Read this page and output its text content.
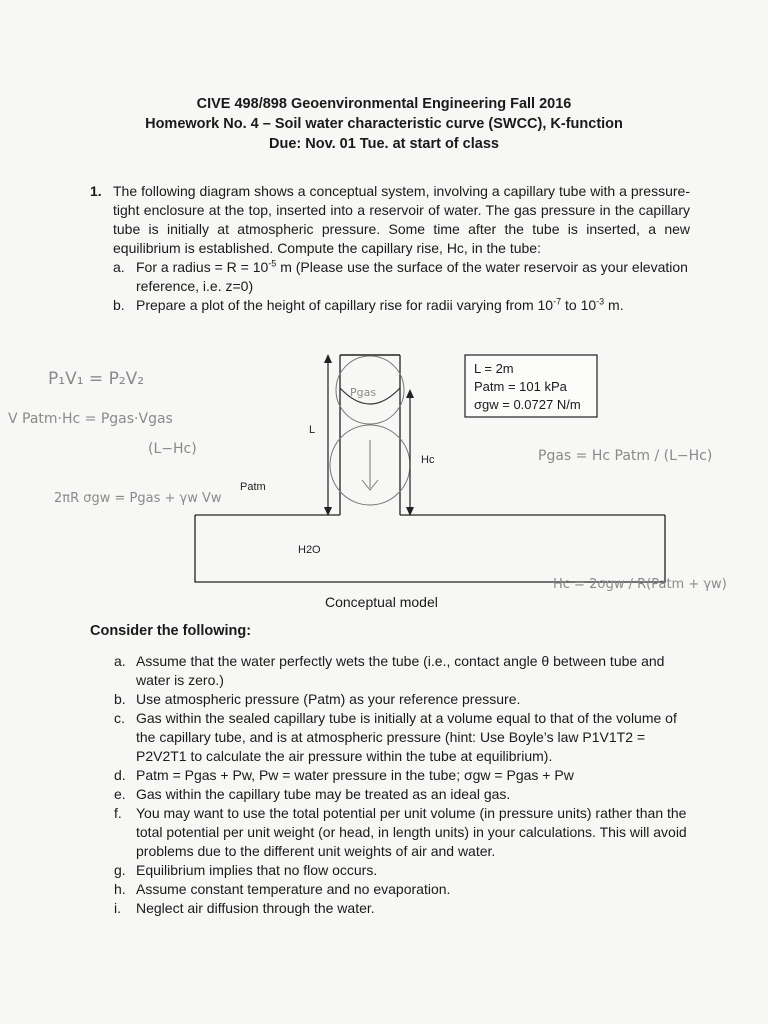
CIVE 498/898 Geoenvironmental Engineering Fall 2016
Homework No. 4 – Soil water characteristic curve (SWCC), K-function
Due: Nov. 01 Tue. at start of class
1. The following diagram shows a conceptual system, involving a capillary tube with a pressure-tight enclosure at the top, inserted into a reservoir of water. The gas pressure in the capillary tube is initially at atmospheric pressure. Some time after the tube is inserted, a new equilibrium is established. Compute the capillary rise, Hc, in the tube:
a. For a radius = $R = 10^{-5}$ m (Please use the surface of the water reservoir as your elevation reference, i.e. z=0)
b. Prepare a plot of the height of capillary rise for radii varying from $10^{-7}$ to $10^{-3}$ m.
L
Hc
Patm
H2O
Conceptual model
L = 2m
Patm = 101 kPa
σgw = 0.0727 N/m
P₁V₁ = P₂V₂
V Patm·Hc = Pgas·Vgas
(L−Hc)
2πR σgw = Pgas + γw Vw
Pgas = Hc Patm / (L−Hc)
Hc = 2σgw / R(Patm + γw)
Pgas
Consider the following:
a. Assume that the water perfectly wets the tube (i.e., contact angle θ between tube and water is zero.)
b. Use atmospheric pressure (Patm) as your reference pressure.
c. Gas within the sealed capillary tube is initially at a volume equal to that of the volume of the capillary tube, and is at atmospheric pressure (hint: Use Boyle’s law P1V1T2 = P2V2T1 to calculate the air pressure within the tube at equilibrium).
d. Patm = Pgas + Pw, Pw = water pressure in the tube; σgw = Pgas + Pw
e. Gas within the capillary tube may be treated as an ideal gas.
f. You may want to use the total potential per unit volume (in pressure units) rather than the total potential per unit weight (or head, in length units) in your calculations. This will avoid problems due to the different unit weights of air and water.
g. Equilibrium implies that no flow occurs.
h. Assume constant temperature and no evaporation.
i. Neglect air diffusion through the water.
